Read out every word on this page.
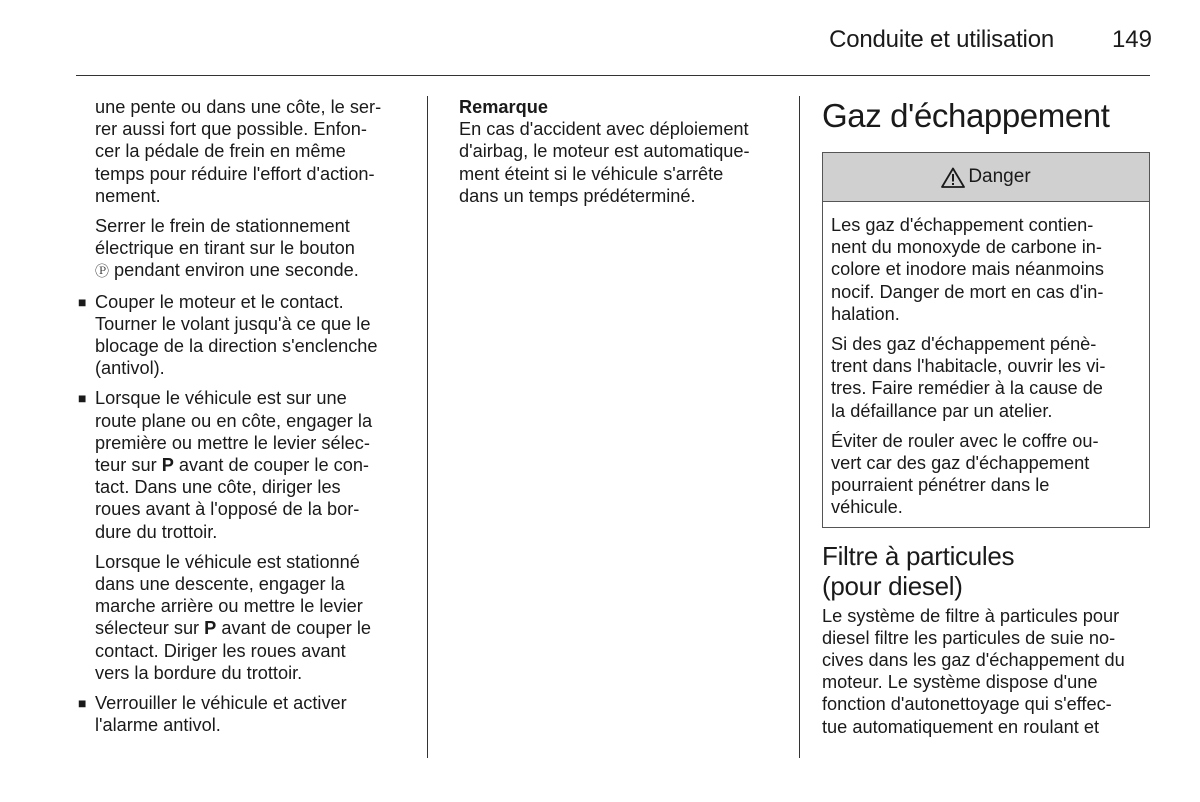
Conduite et utilisation 149

une pente ou dans une côte, le ser-
rer aussi fort que possible. Enfon-
cer la pédale de frein en même
temps pour réduire l'effort d'action-
nement.

Serrer le frein de stationnement
électrique en tirant sur le bouton
Ⓟ pendant environ une seconde.

■ Couper le moteur et le contact.
Tourner le volant jusqu'à ce que le
blocage de la direction s'enclenche
(antivol).

■ Lorsque le véhicule est sur une
route plane ou en côte, engager la
première ou mettre le levier sélec-
teur sur P avant de couper le con-
tact. Dans une côte, diriger les
roues avant à l'opposé de la bor-
dure du trottoir.

Lorsque le véhicule est stationné
dans une descente, engager la
marche arrière ou mettre le levier
sélecteur sur P avant de couper le
contact. Diriger les roues avant
vers la bordure du trottoir.

■ Verrouiller le véhicule et activer
l'alarme antivol.

Remarque

En cas d'accident avec déploiement
d'airbag, le moteur est automatique-
ment éteint si le véhicule s'arrête
dans un temps prédéterminé.

Gaz d'échappement
Danger

Les gaz d'échappement contien-
nent du monoxyde de carbone in-
colore et inodore mais néanmoins
nocif. Danger de mort en cas d'in-
halation.

Si des gaz d'échappement pénè-
trent dans l'habitacle, ouvrir les vi-
tres. Faire remédier à la cause de
la défaillance par un atelier.

Éviter de rouler avec le coffre ou-
vert car des gaz d'échappement
pourraient pénétrer dans le
véhicule.

Filtre à particules
(pour diesel)

Le système de filtre à particules pour
diesel filtre les particules de suie no-
cives dans les gaz d'échappement du
moteur. Le système dispose d'une
fonction d'autonettoyage qui s'effec-
tue automatiquement en roulant et
